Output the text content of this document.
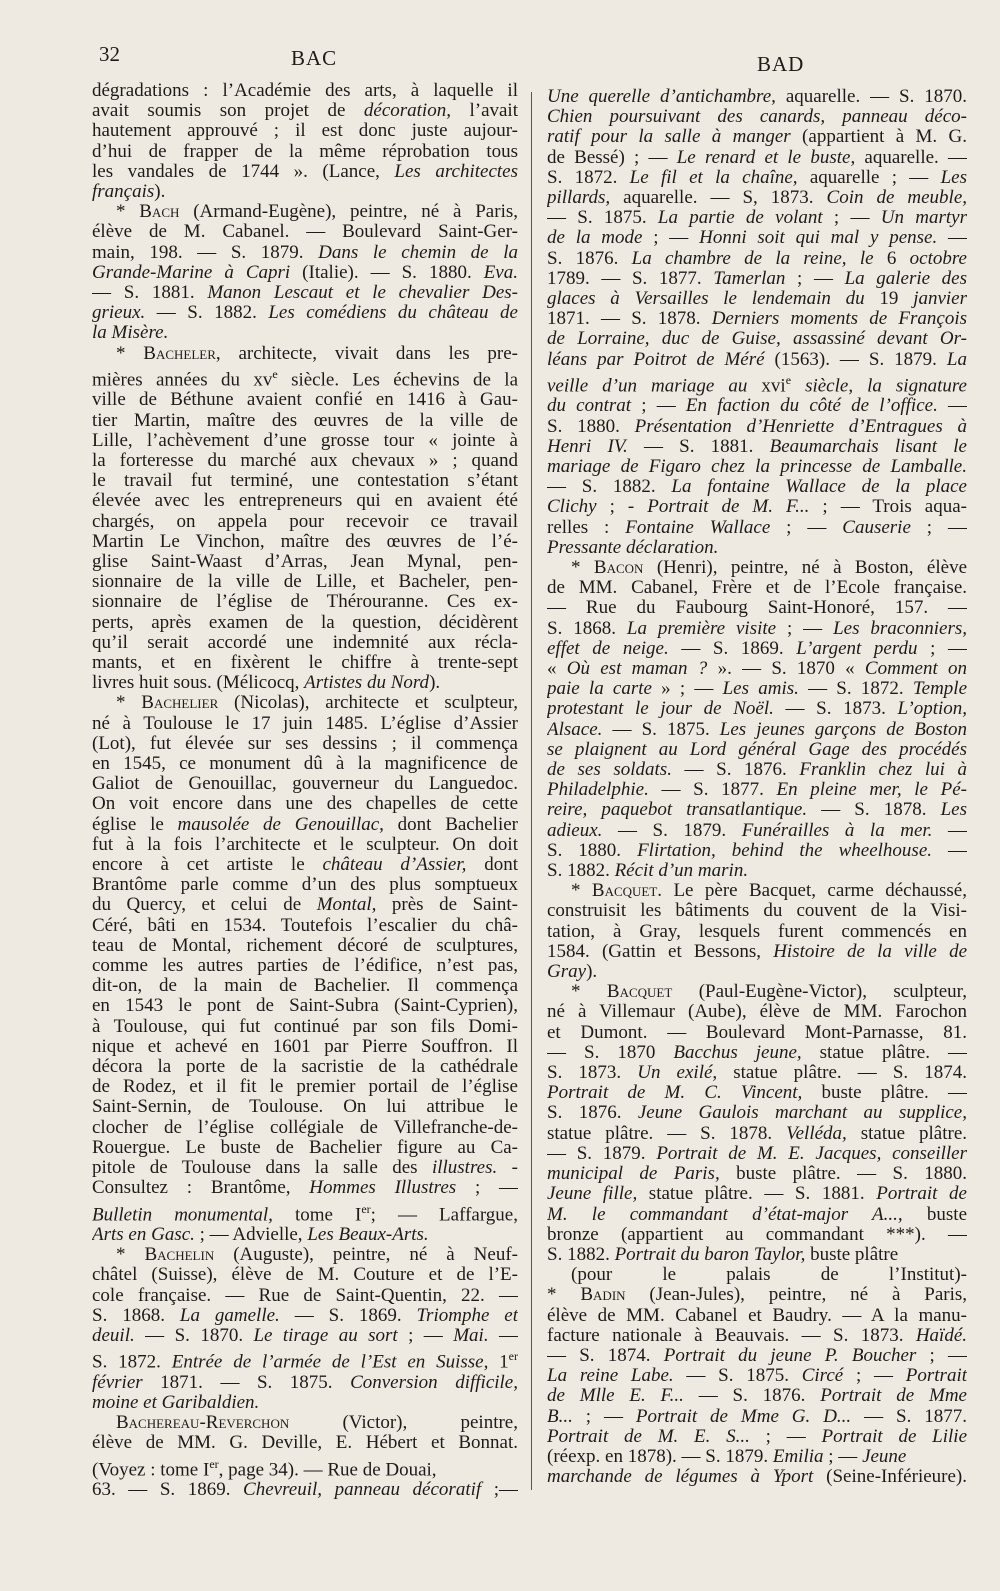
32	BAC	BAD
dégradations : l’Académie des arts, à laquelle il
avait soumis son projet de décoration, l’avait
hautement approuvé ; il est donc juste aujour-
d’hui de frapper de la même réprobation tous
les vandales de 1744 ». (Lance, Les architectes
français).
* Bach (Armand-Eugène), peintre, né à Paris,
élève de M. Cabanel. — Boulevard Saint-Ger-
main, 198. — S. 1879. Dans le chemin de la
Grande-Marine à Capri (Italie). — S. 1880. Eva.
— S. 1881. Manon Lescaut et le chevalier Des-
grieux. — S. 1882. Les comédiens du château de
la Misère.
* Bacheler, architecte, vivait dans les pre-
mières années du $xv^e$ siècle. Les échevins de la
ville de Béthune avaient confié en 1416 à Gau-
tier Martin, maître des œuvres de la ville de
Lille, l’achèvement d’une grosse tour « jointe à
la forteresse du marché aux chevaux » ; quand
le travail fut terminé, une contestation s’étant
élevée avec les entrepreneurs qui en avaient été
chargés, on appela pour recevoir ce travail
Martin Le Vinchon, maître des œuvres de l’é-
glise Saint-Waast d’Arras, Jean Mynal, pen-
sionnaire de la ville de Lille, et Bacheler, pen-
sionnaire de l’église de Thérouranne. Ces ex-
perts, après examen de la question, décidèrent
qu’il serait accordé une indemnité aux récla-
mants, et en fixèrent le chiffre à trente-sept
livres huit sous. (Mélicocq, Artistes du Nord).
* Bachelier (Nicolas), architecte et sculpteur,
né à Toulouse le 17 juin 1485. L’église d’Assier
(Lot), fut élevée sur ses dessins ; il commença
en 1545, ce monument dû à la magnificence de
Galiot de Genouillac, gouverneur du Languedoc.
On voit encore dans une des chapelles de cette
église le mausolée de Genouillac, dont Bachelier
fut à la fois l’architecte et le sculpteur. On doit
encore à cet artiste le château d’Assier, dont
Brantôme parle comme d’un des plus somptueux
du Quercy, et celui de Montal, près de Saint-
Céré, bâti en 1534. Toutefois l’escalier du châ-
teau de Montal, richement décoré de sculptures,
comme les autres parties de l’édifice, n’est pas,
dit-on, de la main de Bachelier. Il commença
en 1543 le pont de Saint-Subra (Saint-Cyprien),
à Toulouse, qui fut continué par son fils Domi-
nique et achevé en 1601 par Pierre Souffron. Il
décora la porte de la sacristie de la cathédrale
de Rodez, et il fit le premier portail de l’église
Saint-Sernin, de Toulouse. On lui attribue le
clocher de l’église collégiale de Villefranche-de-
Rouergue. Le buste de Bachelier figure au Ca-
pitole de Toulouse dans la salle des illustres. -
Consultez : Brantôme, Hommes Illustres ; —
Bulletin monumental, tome Ier; — Laffargue,
Arts en Gasc. ; — Advielle, Les Beaux-Arts.
* Bachelin (Auguste), peintre, né à Neuf-
châtel (Suisse), élève de M. Couture et de l’E-
cole française. — Rue de Saint-Quentin, 22. —
S. 1868. La gamelle. — S. 1869. Triomphe et
deuil. — S. 1870. Le tirage au sort ; — Mai. —
S. 1872. Entrée de l’armée de l’Est en Suisse, 1er
février 1871. — S. 1875. Conversion difficile,
moine et Garibaldien.
Bachereau-Reverchon (Victor), peintre,
élève de MM. G. Deville, E. Hébert et Bonnat.
(Voyez : tome Ier, page 34). — Rue de Douai,
63. — S. 1869. Chevreuil, panneau décoratif ;—
Une querelle d’antichambre, aquarelle. — S. 1870.
Chien poursuivant des canards, panneau déco-
ratif pour la salle à manger (appartient à M. G.
de Bessé) ; — Le renard et le buste, aquarelle. —
S. 1872. Le fil et la chaîne, aquarelle ; — Les
pillards, aquarelle. — S, 1873. Coin de meuble,
— S. 1875. La partie de volant ; — Un martyr
de la mode ; — Honni soit qui mal y pense. —
S. 1876. La chambre de la reine, le 6 octobre
1789. — S. 1877. Tamerlan ; — La galerie des
glaces à Versailles le lendemain du 19 janvier
1871. — S. 1878. Derniers moments de François
de Lorraine, duc de Guise, assassiné devant Or-
léans par Poitrot de Méré (1563). — S. 1879. La
veille d’un mariage au xvi$^e$ siècle, la signature
du contrat ; — En faction du côté de l’office. —
S. 1880. Présentation d’Henriette d’Entragues à
Henri IV. — S. 1881. Beaumarchais lisant le
mariage de Figaro chez la princesse de Lamballe.
— S. 1882. La fontaine Wallace de la place
Clichy ; - Portrait de M. F... ; — Trois aqua-
relles : Fontaine Wallace ; — Causerie ; —
Pressante déclaration.
* Bacon (Henri), peintre, né à Boston, élève
de MM. Cabanel, Frère et de l’Ecole française.
— Rue du Faubourg Saint-Honoré, 157. —
S. 1868. La première visite ; — Les braconniers,
effet de neige. — S. 1869. L’argent perdu ; —
« Où est maman ? ». — S. 1870 « Comment on
paie la carte » ; — Les amis. — S. 1872. Temple
protestant le jour de Noël. — S. 1873. L’option,
Alsace. — S. 1875. Les jeunes garçons de Boston
se plaignent au Lord général Gage des procédés
de ses soldats. — S. 1876. Franklin chez lui à
Philadelphie. — S. 1877. En pleine mer, le Pé-
reire, paquebot transatlantique. — S. 1878. Les
adieux. — S. 1879. Funérailles à la mer. —
S. 1880. Flirtation, behind the wheelhouse. —
S. 1882. Récit d’un marin.
* Bacquet. Le père Bacquet, carme déchaussé,
construisit les bâtiments du couvent de la Visi-
tation, à Gray, lesquels furent commencés en
1584. (Gattin et Bessons, Histoire de la ville de
Gray).
* Bacquet (Paul-Eugène-Victor), sculpteur,
né à Villemaur (Aube), élève de MM. Farochon
et Dumont. — Boulevard Mont-Parnasse, 81.
— S. 1870 Bacchus jeune, statue plâtre. —
S. 1873. Un exilé, statue plâtre. — S. 1874.
Portrait de M. C. Vincent, buste plâtre. —
S. 1876. Jeune Gaulois marchant au supplice,
statue plâtre. — S. 1878. Velléda, statue plâtre.
— S. 1879. Portrait de M. E. Jacques, conseiller
municipal de Paris, buste plâtre. — S. 1880.
Jeune fille, statue plâtre. — S. 1881. Portrait de
M. le commandant d’état-major A..., buste
bronze (appartient au commandant ***). —
S. 1882. Portrait du baron Taylor, buste plâtre
(pour le palais de l’Institut)-
* Badin (Jean-Jules), peintre, né à Paris,
élève de MM. Cabanel et Baudry. — A la manu-
facture nationale à Beauvais. — S. 1873. Haïdé.
— S. 1874. Portrait du jeune P. Boucher ; —
La reine Labe. — S. 1875. Circé ; — Portrait
de Mlle E. F... — S. 1876. Portrait de Mme
B... ; — Portrait de Mme G. D... — S. 1877.
Portrait de M. E. S... ; — Portrait de Lilie
(réexp. en 1878). — S. 1879. Emilia ; — Jeune
marchande de légumes à Yport (Seine-Inférieure).
